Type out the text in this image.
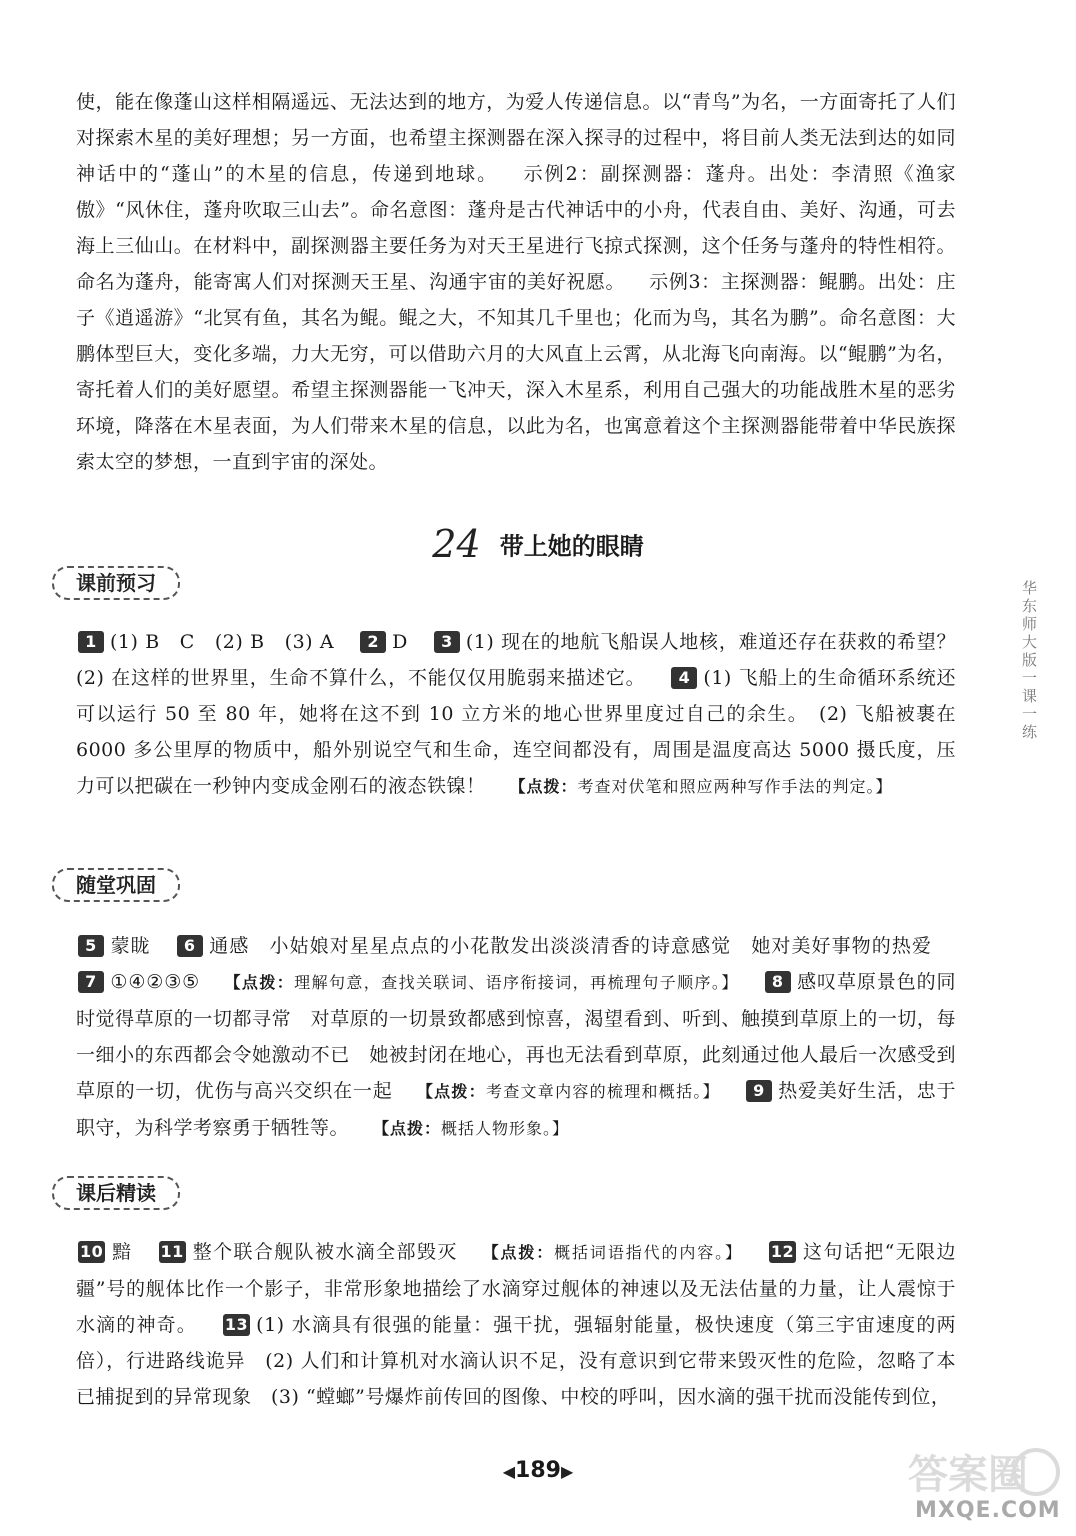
使，能在像蓬山这样相隔遥远、无法达到的地方，为爱人传递信息。以“青鸟”为名，一方面寄托了人们对探索木星的美好理想；另一方面，也希望主探测器在深入探寻的过程中，将目前人类无法到达的如同神话中的“蓬山”的木星的信息，传递到地球。 示例2：副探测器：蓬舟。出处：李清照《渔家傲》“风休住，蓬舟吹取三山去”。命名意图：蓬舟是古代神话中的小舟，代表自由、美好、沟通，可去海上三仙山。在材料中，副探测器主要任务为对天王星进行飞掠式探测，这个任务与蓬舟的特性相符。命名为蓬舟，能寄寓人们对探测天王星、沟通宇宙的美好祝愿。 示例3：主探测器：鲲鹏。出处：庄子《逍遥游》“北冥有鱼，其名为鲲。鲲之大，不知其几千里也；化而为鸟，其名为鹏”。命名意图：大鹏体型巨大，变化多端，力大无穷，可以借助六月的大风直上云霄，从北海飞向南海。以“鲲鹏”为名，寄托着人们的美好愿望。希望主探测器能一飞冲天，深入木星系，利用自己强大的功能战胜木星的恶劣环境，降落在木星表面，为人们带来木星的信息，以此为名，也寓意着这个主探测器能带着中华民族探索太空的梦想，一直到宇宙的深处。

24 带上她的眼睛
课前预习

1 (1) B　C　(2) B　(3) A 2 D 3 (1) 现在的地航飞船误人地核，难道还存在获救的希望？　(2) 在这样的世界里，生命不算什么，不能仅仅用脆弱来描述它。 4 (1) 飞船上的生命循环系统还可以运行 50 至 80 年，她将在这不到 10 立方米的地心世界里度过自己的余生。　(2) 飞船被裹在 6000 多公里厚的物质中，船外别说空气和生命，连空间都没有，周围是温度高达 5000 摄氏度，压力可以把碳在一秒钟内变成金刚石的液态铁镍！ 【点拨：考查对伏笔和照应两种写作手法的判定。】

随堂巩固

5 蒙眬 6 通感　小姑娘对星星点点的小花散发出淡淡清香的诗意感觉　她对美好事物的热爱7 ①④②③⑤ 【点拨：理解句意，查找关联词、语序衔接词，再梳理句子顺序。】 8 感叹草原景色的同时觉得草原的一切都寻常　对草原的一切景致都感到惊喜，渴望看到、听到、触摸到草原上的一切，每一细小的东西都会令她激动不已　她被封闭在地心，再也无法看到草原，此刻通过他人最后一次感受到草原的一切，优伤与高兴交织在一起 【点拨：考查文章内容的梳理和概括。】 9 热爱美好生活，忠于职守，为科学考察勇于牺牲等。 【点拨：概括人物形象。】

课后精读

10 黯 11 整个联合舰队被水滴全部毁灭 【点拨：概括词语指代的内容。】 12 这句话把“无限边疆”号的舰体比作一个影子，非常形象地描绘了水滴穿过舰体的神速以及无法估量的力量，让人震惊于水滴的神奇。 13 (1) 水滴具有很强的能量：强干扰，强辐射能量，极快速度（第三宇宙速度的两倍），行进路线诡异　(2) 人们和计算机对水滴认识不足，没有意识到它带来毁灭性的危险，忽略了本已捕捉到的异常现象　(3) “螳螂”号爆炸前传回的图像、中校的呼叫，因水滴的强干扰而没能传到位，

华东师大版一课一练
◀189▶	答案圈
MXQE.COM
